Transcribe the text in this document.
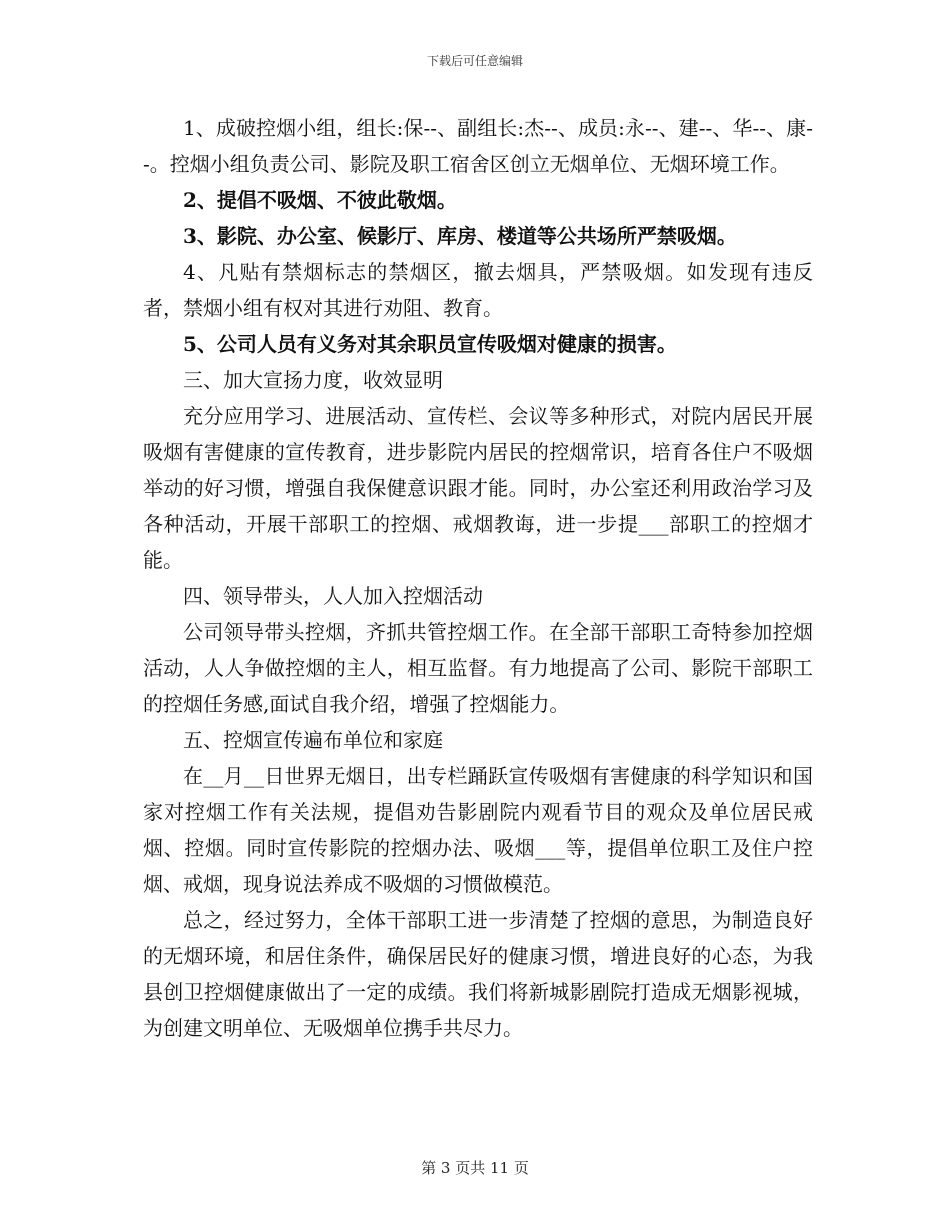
下载后可任意编辑

1、成破控烟小组，组长:保--、副组长:杰--、成员:永--、建--、华--、康--。控烟小组负责公司、影院及职工宿舍区创立无烟单位、无烟环境工作。

2、提倡不吸烟、不彼此敬烟。

3、影院、办公室、候影厅、库房、楼道等公共场所严禁吸烟。

4、凡贴有禁烟标志的禁烟区，撤去烟具，严禁吸烟。如发现有违反者，禁烟小组有权对其进行劝阻、教育。

5、公司人员有义务对其余职员宣传吸烟对健康的损害。

三、加大宣扬力度，收效显明

充分应用学习、进展活动、宣传栏、会议等多种形式，对院内居民开展吸烟有害健康的宣传教育，进步影院内居民的控烟常识，培育各住户不吸烟举动的好习惯，增强自我保健意识跟才能。同时，办公室还利用政治学习及各种活动，开展干部职工的控烟、戒烟教诲，进一步提___部职工的控烟才能。

四、领导带头，人人加入控烟活动

公司领导带头控烟，齐抓共管控烟工作。在全部干部职工奇特参加控烟活动，人人争做控烟的主人，相互监督。有力地提高了公司、影院干部职工的控烟任务感,面试自我介绍，增强了控烟能力。

五、控烟宣传遍布单位和家庭

在__月__日世界无烟日，出专栏踊跃宣传吸烟有害健康的科学知识和国家对控烟工作有关法规，提倡劝告影剧院内观看节目的观众及单位居民戒烟、控烟。同时宣传影院的控烟办法、吸烟___等，提倡单位职工及住户控烟、戒烟，现身说法养成不吸烟的习惯做模范。

总之，经过努力，全体干部职工进一步清楚了控烟的意思，为制造良好的无烟环境，和居住条件，确保居民好的健康习惯，增进良好的心态，为我县创卫控烟健康做出了一定的成绩。我们将新城影剧院打造成无烟影视城，为创建文明单位、无吸烟单位携手共尽力。

第 3 页共 11 页
